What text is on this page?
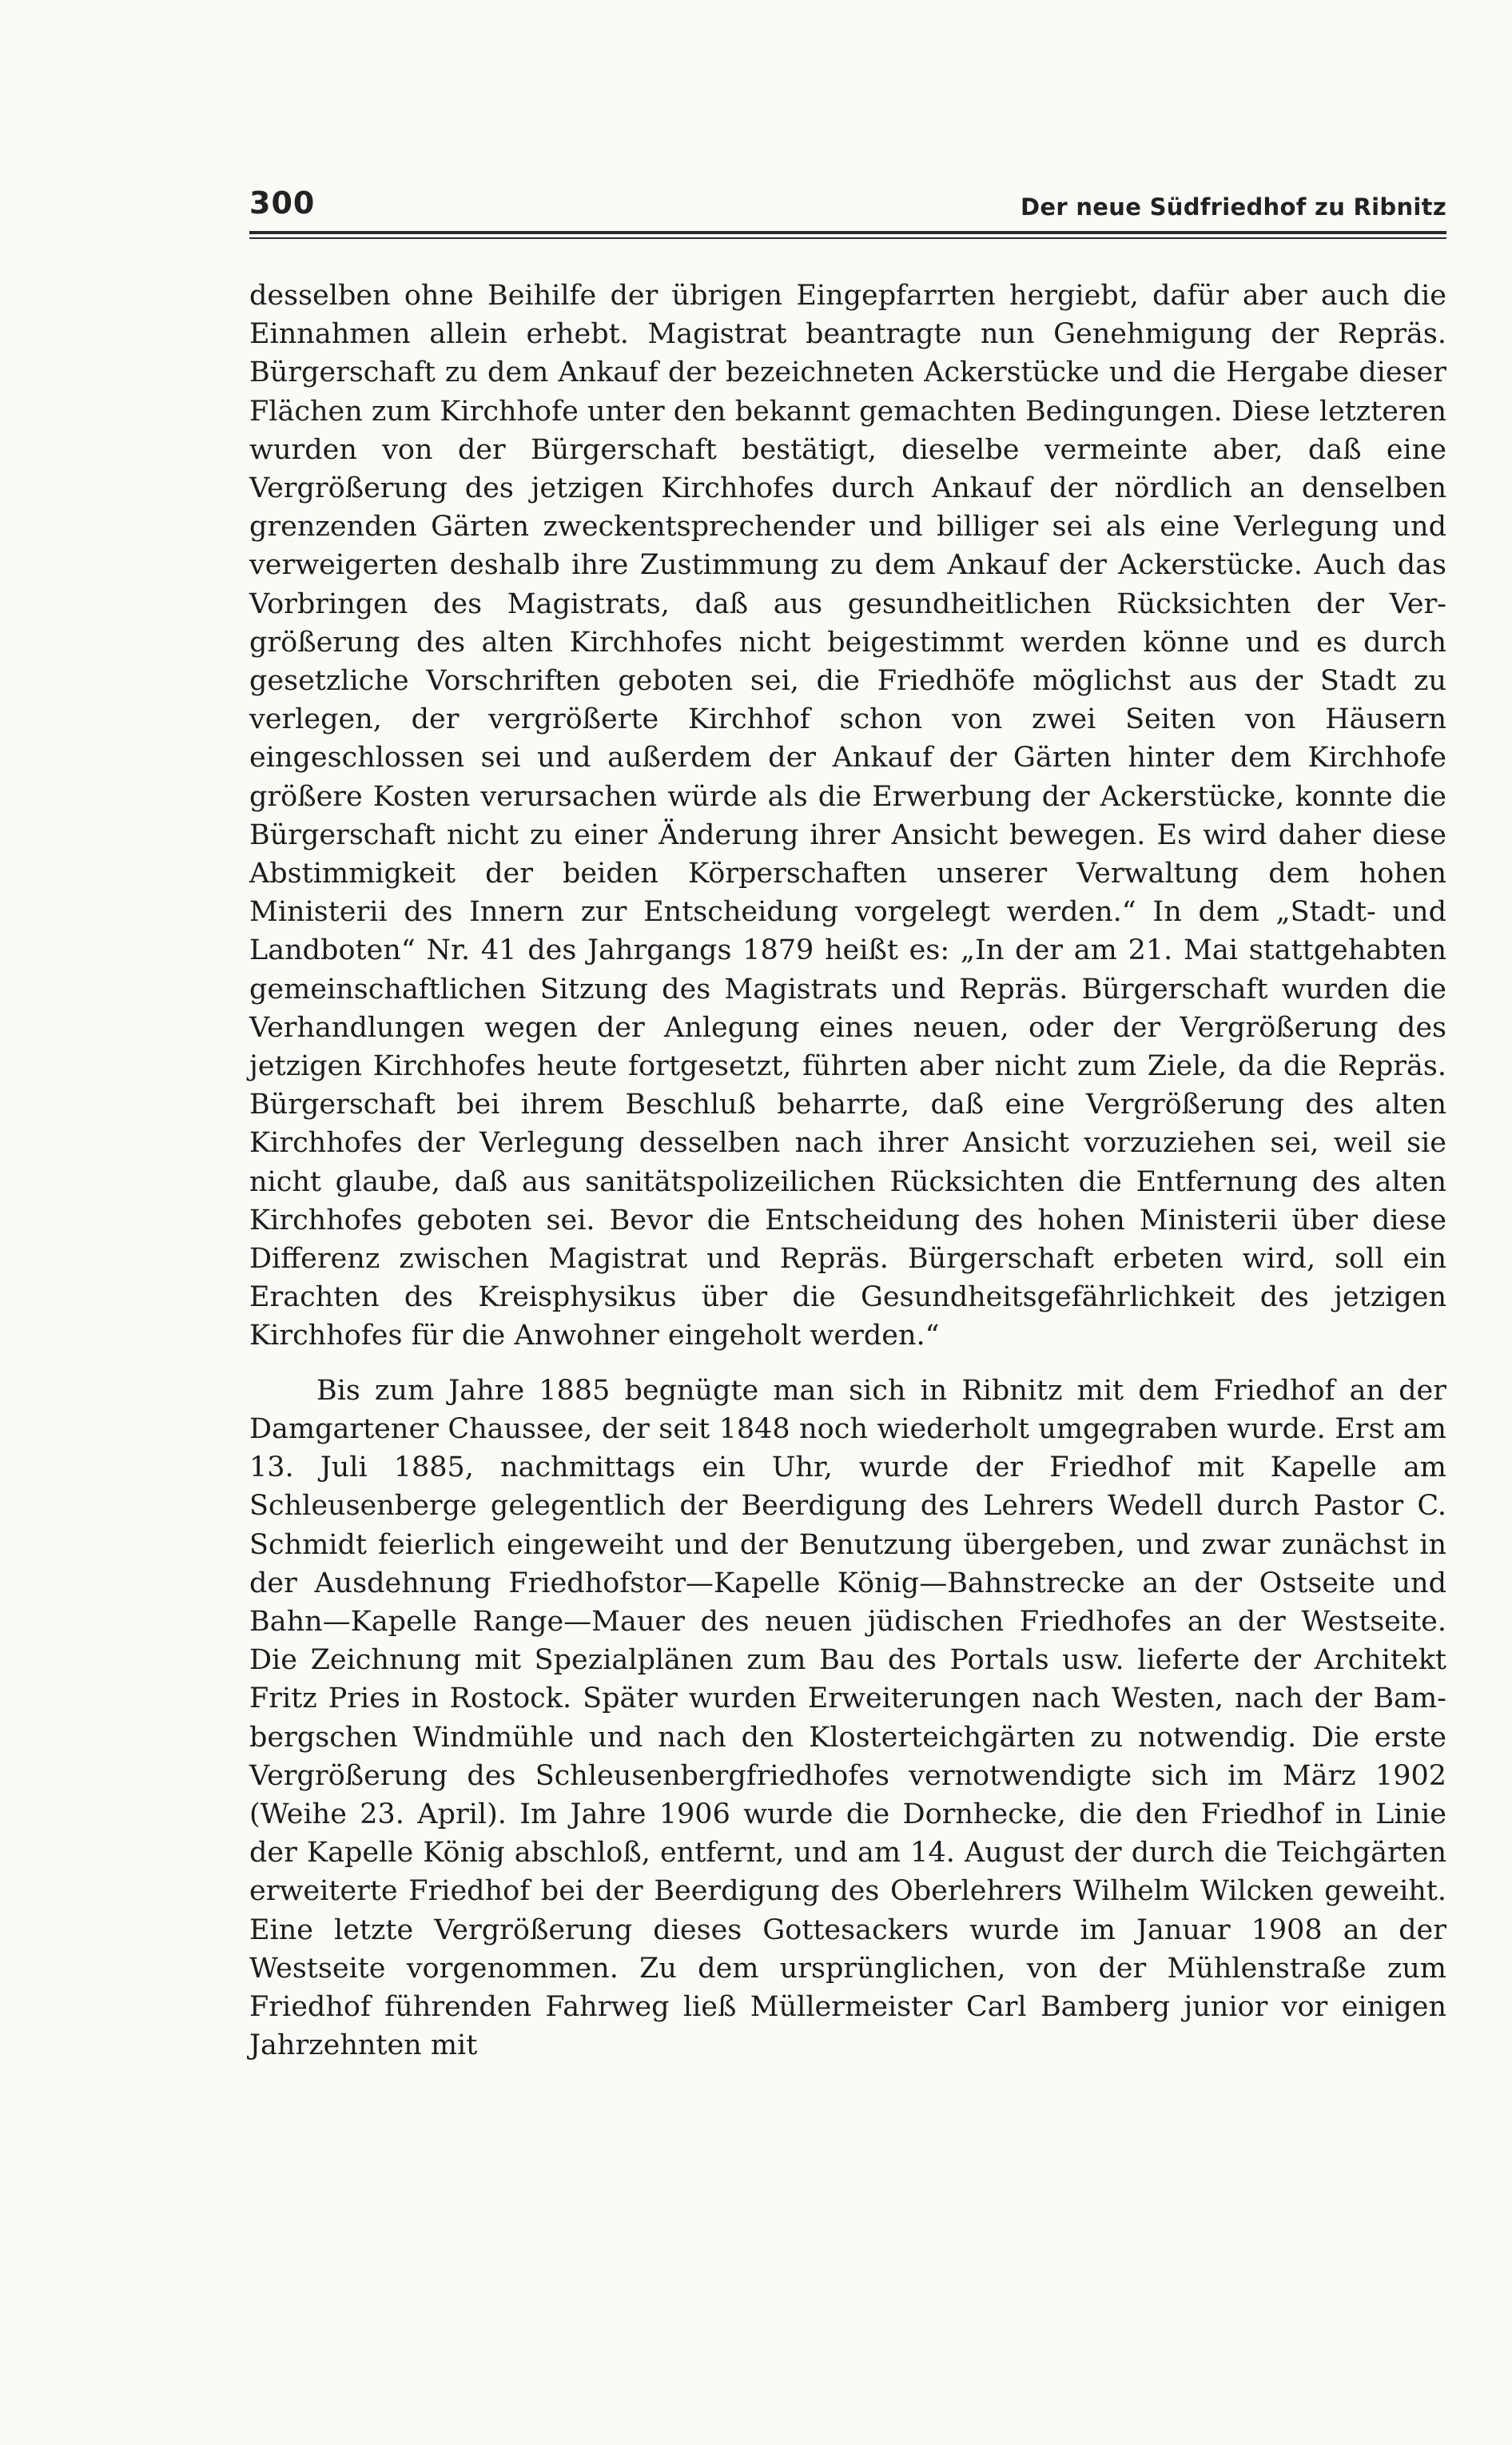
300	Der neue Südfriedhof zu Ribnitz

desselben ohne Beihilfe der übrigen Eingepfarrten hergiebt, dafür aber auch die Einnahmen allein erhebt. Magistrat beantragte nun Genehmigung der Repräs. Bürgerschaft zu dem Ankauf der bezeichneten Ackerstücke und die Hergabe dieser Flächen zum Kirchhofe unter den bekannt gemachten Bedingungen. Diese letzteren wurden von der Bürgerschaft bestätigt, dieselbe vermeinte aber, daß eine Vergrößerung des jetzigen Kirchhofes durch Ankauf der nördlich an denselben grenzenden Gärten zweckentsprechender und billiger sei als eine Verlegung und verweigerten deshalb ihre Zustimmung zu dem Ankauf der Ackerstücke. Auch das Vorbringen des Magistrats, daß aus gesundheitlichen Rücksichten der Vergrößerung des alten Kirchhofes nicht beigestimmt werden könne und es durch gesetzliche Vorschriften geboten sei, die Friedhöfe möglichst aus der Stadt zu verlegen, der vergrößerte Kirchhof schon von zwei Seiten von Häusern eingeschlossen sei und außerdem der Ankauf der Gärten hinter dem Kirchhofe größere Kosten verursachen würde als die Erwerbung der Ackerstücke, konnte die Bürgerschaft nicht zu einer Änderung ihrer Ansicht bewegen. Es wird daher diese Abstimmigkeit der beiden Körperschaften unserer Verwaltung dem hohen Ministerii des Innern zur Entscheidung vorgelegt werden.“ In dem „Stadt- und Landboten“ Nr. 41 des Jahrgangs 1879 heißt es: „In der am 21. Mai stattgehabten gemeinschaftlichen Sitzung des Magistrats und Repräs. Bürgerschaft wurden die Verhandlungen wegen der Anlegung eines neuen, oder der Vergrößerung des jetzigen Kirchhofes heute fortgesetzt, führten aber nicht zum Ziele, da die Repräs. Bürgerschaft bei ihrem Beschluß beharrte, daß eine Vergrößerung des alten Kirchhofes der Verlegung desselben nach ihrer Ansicht vorzuziehen sei, weil sie nicht glaube, daß aus sanitätspolizeilichen Rücksichten die Entfernung des alten Kirchhofes geboten sei. Bevor die Entscheidung des hohen Ministerii über diese Differenz zwischen Magistrat und Repräs. Bürgerschaft erbeten wird, soll ein Erachten des Kreisphysikus über die Gesundheitsgefährlichkeit des jetzigen Kirchhofes für die Anwohner eingeholt werden.“

Bis zum Jahre 1885 begnügte man sich in Ribnitz mit dem Friedhof an der Damgartener Chaussee, der seit 1848 noch wiederholt umgegraben wurde. Erst am 13. Juli 1885, nachmittags ein Uhr, wurde der Friedhof mit Kapelle am Schleusenberge gelegentlich der Beerdigung des Lehrers Wedell durch Pastor C. Schmidt feierlich eingeweiht und der Benutzung übergeben, und zwar zunächst in der Ausdehnung Friedhofstor—Kapelle König—Bahnstrecke an der Ostseite und Bahn—Kapelle Range—Mauer des neuen jüdischen Friedhofes an der Westseite. Die Zeichnung mit Spezialplänen zum Bau des Portals usw. lieferte der Architekt Fritz Pries in Rostock. Später wurden Erweiterungen nach Westen, nach der Bambergschen Windmühle und nach den Klosterteichgärten zu notwendig. Die erste Vergrößerung des Schleusenbergfriedhofes vernotwendigte sich im März 1902 (Weihe 23. April). Im Jahre 1906 wurde die Dornhecke, die den Friedhof in Linie der Kapelle König abschloß, entfernt, und am 14. August der durch die Teichgärten erweiterte Friedhof bei der Beerdigung des Oberlehrers Wilhelm Wilcken geweiht. Eine letzte Vergrößerung dieses Gottesackers wurde im Januar 1908 an der Westseite vorgenommen. Zu dem ursprünglichen, von der Mühlenstraße zum Friedhof führenden Fahrweg ließ Müllermeister Carl Bamberg junior vor einigen Jahrzehnten mit
